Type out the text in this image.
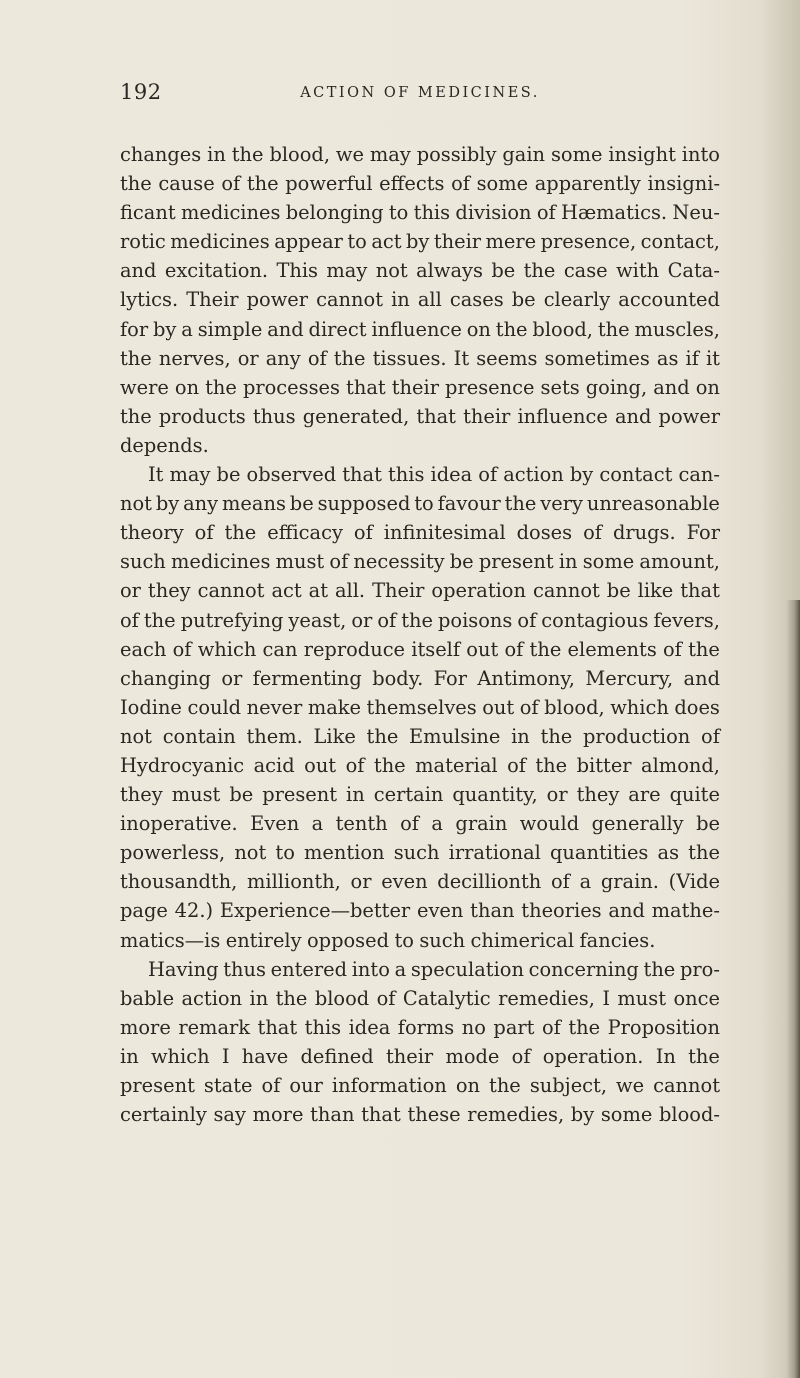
192	ACTION OF MEDICINES.
changes in the blood, we may possibly gain some insight into
the cause of the powerful effects of some apparently insigni-
ficant medicines belonging to this division of Hæmatics. Neu-
rotic medicines appear to act by their mere presence, contact,
and excitation. This may not always be the case with Cata-
lytics. Their power cannot in all cases be clearly accounted
for by a simple and direct influence on the blood, the muscles,
the nerves, or any of the tissues. It seems sometimes as if it
were on the processes that their presence sets going, and on
the products thus generated, that their influence and power
depends.
It may be observed that this idea of action by contact can-
not by any means be supposed to favour the very unreasonable
theory of the efficacy of infinitesimal doses of drugs. For
such medicines must of necessity be present in some amount,
or they cannot act at all. Their operation cannot be like that
of the putrefying yeast, or of the poisons of contagious fevers,
each of which can reproduce itself out of the elements of the
changing or fermenting body. For Antimony, Mercury, and
Iodine could never make themselves out of blood, which does
not contain them. Like the Emulsine in the production of
Hydrocyanic acid out of the material of the bitter almond,
they must be present in certain quantity, or they are quite
inoperative. Even a tenth of a grain would generally be
powerless, not to mention such irrational quantities as the
thousandth, millionth, or even decillionth of a grain. (Vide
page 42.) Experience—better even than theories and mathe-
matics—is entirely opposed to such chimerical fancies.
Having thus entered into a speculation concerning the pro-
bable action in the blood of Catalytic remedies, I must once
more remark that this idea forms no part of the Proposition
in which I have defined their mode of operation. In the
present state of our information on the subject, we cannot
certainly say more than that these remedies, by some blood-
